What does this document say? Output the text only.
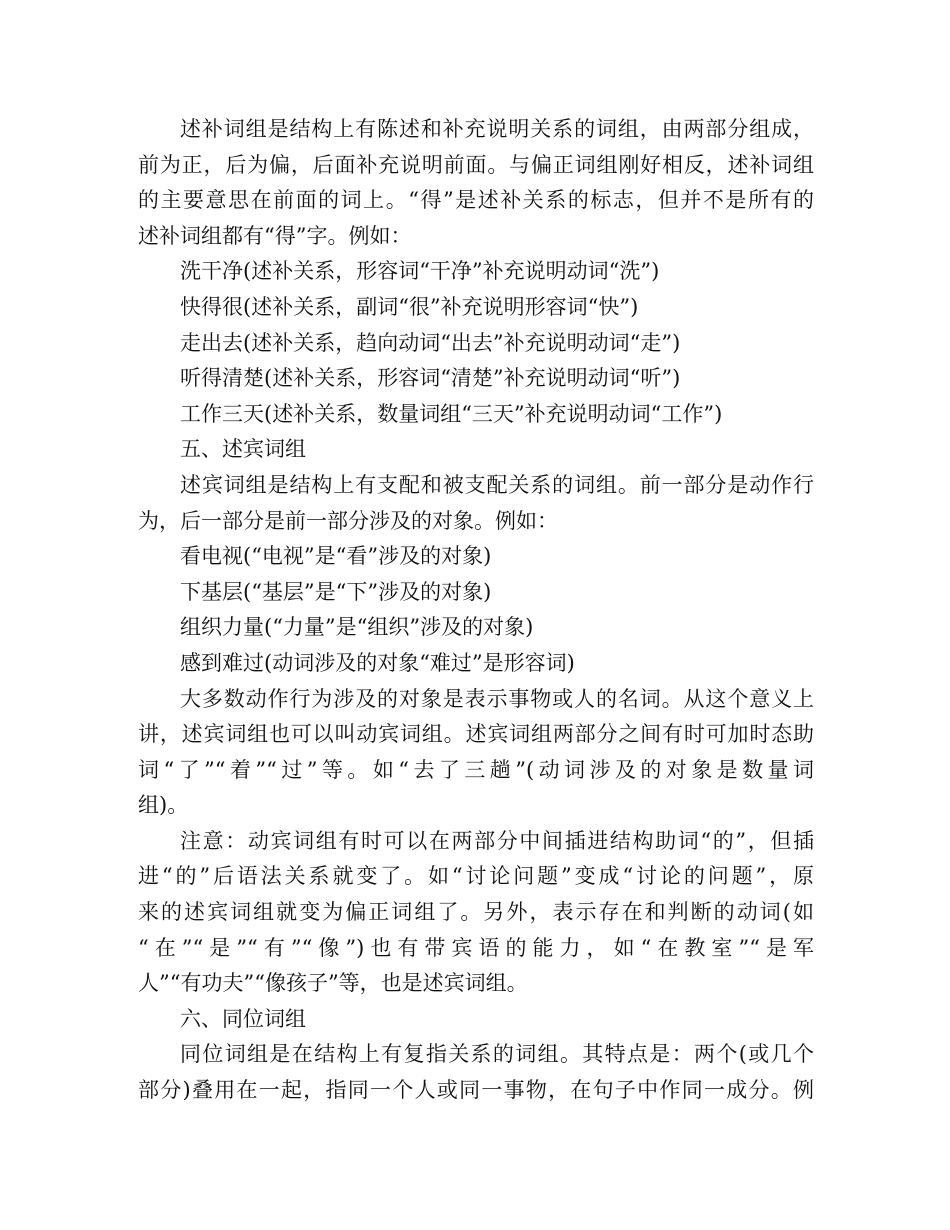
述补词组是结构上有陈述和补充说明关系的词组，由两部分组成，
前为正，后为偏，后面补充说明前面。与偏正词组刚好相反，述补词组
的主要意思在前面的词上。“得”是述补关系的标志，但并不是所有的
述补词组都有“得”字。例如：
洗干净(述补关系，形容词“干净”补充说明动词“洗”)
快得很(述补关系，副词“很”补充说明形容词“快”)
走出去(述补关系，趋向动词“出去”补充说明动词“走”)
听得清楚(述补关系，形容词“清楚”补充说明动词“听”)
工作三天(述补关系，数量词组“三天”补充说明动词“工作”)
五、述宾词组
述宾词组是结构上有支配和被支配关系的词组。前一部分是动作行
为，后一部分是前一部分涉及的对象。例如：
看电视(“电视”是“看”涉及的对象)
下基层(“基层”是“下”涉及的对象)
组织力量(“力量”是“组织”涉及的对象)
感到难过(动词涉及的对象“难过”是形容词)
大多数动作行为涉及的对象是表示事物或人的名词。从这个意义上
讲，述宾词组也可以叫动宾词组。述宾词组两部分之间有时可加时态助
词“了”“着”“过”等。如“去了三趟”(动词涉及的对象是数量词
组)。
注意：动宾词组有时可以在两部分中间插进结构助词“的”，但插
进“的”后语法关系就变了。如“讨论问题”变成“讨论的问题”，原
来的述宾词组就变为偏正词组了。另外，表示存在和判断的动词(如
“在”“是”“有”“像”)也有带宾语的能力，如“在教室”“是军
人”“有功夫”“像孩子”等，也是述宾词组。
六、同位词组
同位词组是在结构上有复指关系的词组。其特点是：两个(或几个
部分)叠用在一起，指同一个人或同一事物，在句子中作同一成分。例
